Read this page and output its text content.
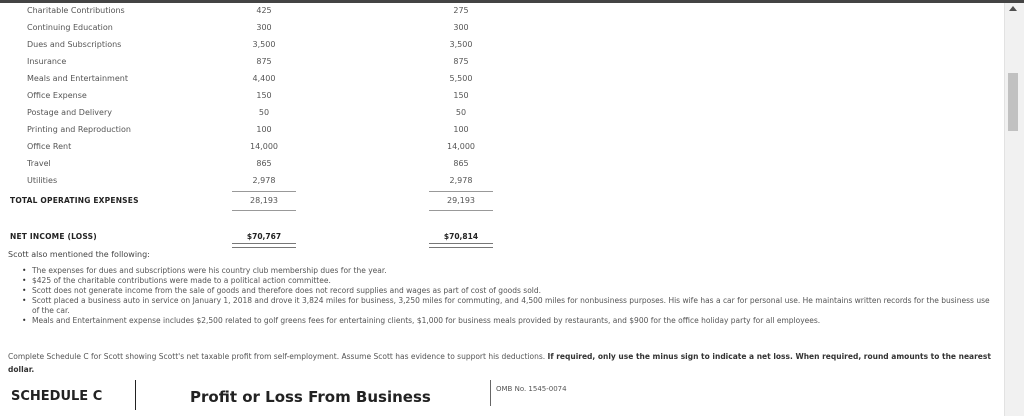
Charitable Contributions	425	275
Continuing Education	300	300
Dues and Subscriptions	3,500	3,500
Insurance	875	875
Meals and Entertainment	4,400	5,500
Office Expense	150	150
Postage and Delivery	50	50
Printing and Reproduction	100	100
Office Rent	14,000	14,000
Travel	865	865
Utilities	2,978	2,978
TOTAL OPERATING EXPENSES	28,193	29,193
NET INCOME (LOSS)	$70,767	$70,814
Scott also mentioned the following:
• The expenses for dues and subscriptions were his country club membership dues for the year.
• $425 of the charitable contributions were made to a political action committee.
• Scott does not generate income from the sale of goods and therefore does not record supplies and wages as part of cost of goods sold.
• Scott placed a business auto in service on January 1, 2018 and drove it 3,824 miles for business, 3,250 miles for commuting, and 4,500 miles for nonbusiness purposes. His wife has a car for personal use. He maintains written records for the business use of the car.
• Meals and Entertainment expense includes $2,500 related to golf greens fees for entertaining clients, $1,000 for business meals provided by restaurants, and $900 for the office holiday party for all employees.
Complete Schedule C for Scott showing Scott's net taxable profit from self-employment. Assume Scott has evidence to support his deductions. If required, only use the minus sign to indicate a net loss. When required, round amounts to the nearest dollar.
SCHEDULE C	Profit or Loss From Business	OMB No. 1545-0074
